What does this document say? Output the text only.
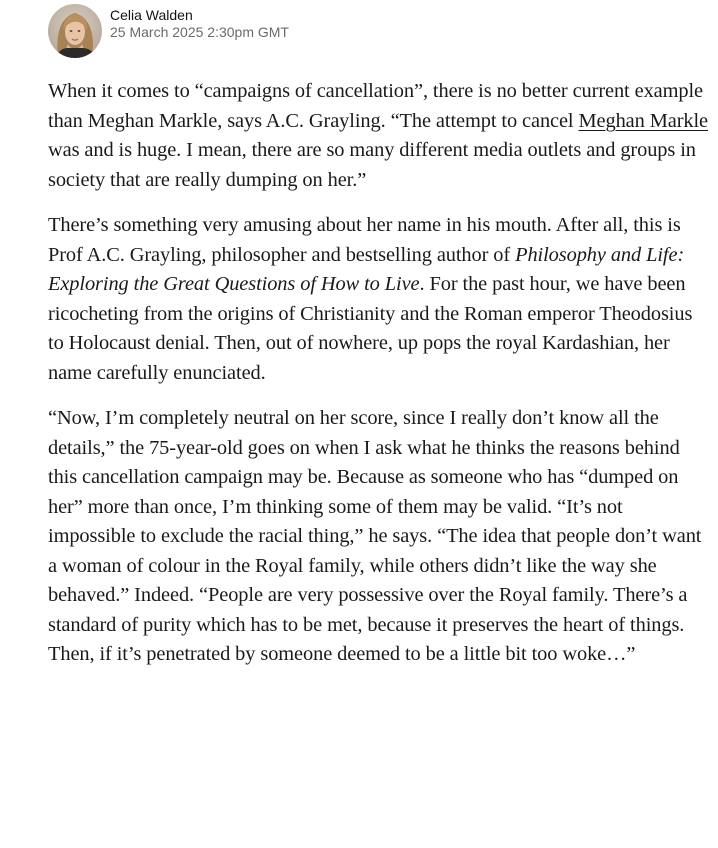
Celia Walden
25 March 2025 2:30pm GMT

When it comes to “campaigns of cancellation”, there is no better current example than Meghan Markle, says A.C. Grayling. “The attempt to cancel Meghan Markle was and is huge. I mean, there are so many different media outlets and groups in society that are really dumping on her.”

There’s something very amusing about her name in his mouth. After all, this is Prof A.C. Grayling, philosopher and bestselling author of Philosophy and Life: Exploring the Great Questions of How to Live. For the past hour, we have been ricocheting from the origins of Christianity and the Roman emperor Theodosius to Holocaust denial. Then, out of nowhere, up pops the royal Kardashian, her name carefully enunciated.

“Now, I’m completely neutral on her score, since I really don’t know all the details,” the 75-year-old goes on when I ask what he thinks the reasons behind this cancellation campaign may be. Because as someone who has “dumped on her” more than once, I’m thinking some of them may be valid. “It’s not impossible to exclude the racial thing,” he says. “The idea that people don’t want a woman of colour in the Royal family, while others didn’t like the way she behaved.” Indeed. “People are very possessive over the Royal family. There’s a standard of purity which has to be met, because it preserves the heart of things. Then, if it’s penetrated by someone deemed to be a little bit too woke…”
